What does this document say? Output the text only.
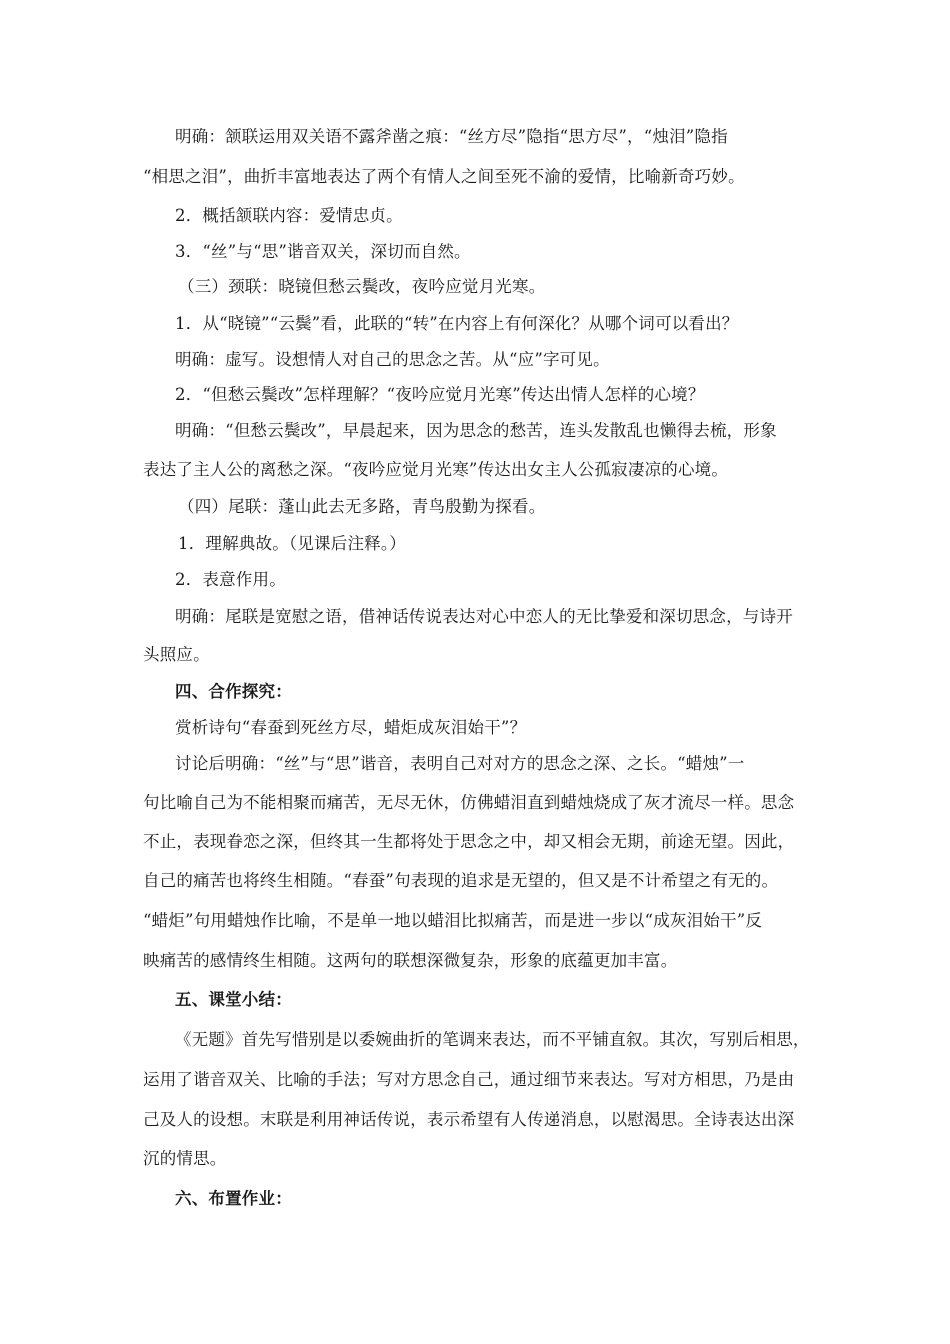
明确：颔联运用双关语不露斧凿之痕：“丝方尽”隐指“思方尽”，“烛泪”隐指
“相思之泪”，曲折丰富地表达了两个有情人之间至死不渝的爱情，比喻新奇巧妙。
2．概括颔联内容：爱情忠贞。
3．“丝”与“思”谐音双关，深切而自然。
（三）颈联：晓镜但愁云鬓改，夜吟应觉月光寒。
1．从“晓镜”“云鬓”看，此联的“转”在内容上有何深化？从哪个词可以看出？
明确：虚写。设想情人对自己的思念之苦。从“应”字可见。
2．“但愁云鬓改”怎样理解？“夜吟应觉月光寒”传达出情人怎样的心境？
明确：“但愁云鬓改”，早晨起来，因为思念的愁苦，连头发散乱也懒得去梳，形象
表达了主人公的离愁之深。“夜吟应觉月光寒”传达出女主人公孤寂凄凉的心境。
（四）尾联：蓬山此去无多路，青鸟殷勤为探看。
1．理解典故。（见课后注释。）
2．表意作用。
明确：尾联是宽慰之语，借神话传说表达对心中恋人的无比挚爱和深切思念，与诗开
头照应。
四、合作探究：
赏析诗句“春蚕到死丝方尽，蜡炬成灰泪始干”？
讨论后明确：“丝”与“思”谐音，表明自己对对方的思念之深、之长。“蜡烛”一
句比喻自己为不能相聚而痛苦，无尽无休，仿佛蜡泪直到蜡烛烧成了灰才流尽一样。思念
不止，表现眷恋之深，但终其一生都将处于思念之中，却又相会无期，前途无望。因此，
自己的痛苦也将终生相随。“春蚕”句表现的追求是无望的，但又是不计希望之有无的。
“蜡炬”句用蜡烛作比喻，不是单一地以蜡泪比拟痛苦，而是进一步以“成灰泪始干”反
映痛苦的感情终生相随。这两句的联想深微复杂，形象的底蕴更加丰富。
五、课堂小结：
《无题》首先写惜别是以委婉曲折的笔调来表达，而不平铺直叙。其次，写别后相思，
运用了谐音双关、比喻的手法；写对方思念自己，通过细节来表达。写对方相思，乃是由
己及人的设想。末联是利用神话传说，表示希望有人传递消息，以慰渴思。全诗表达出深
沉的情思。
六、布置作业：
